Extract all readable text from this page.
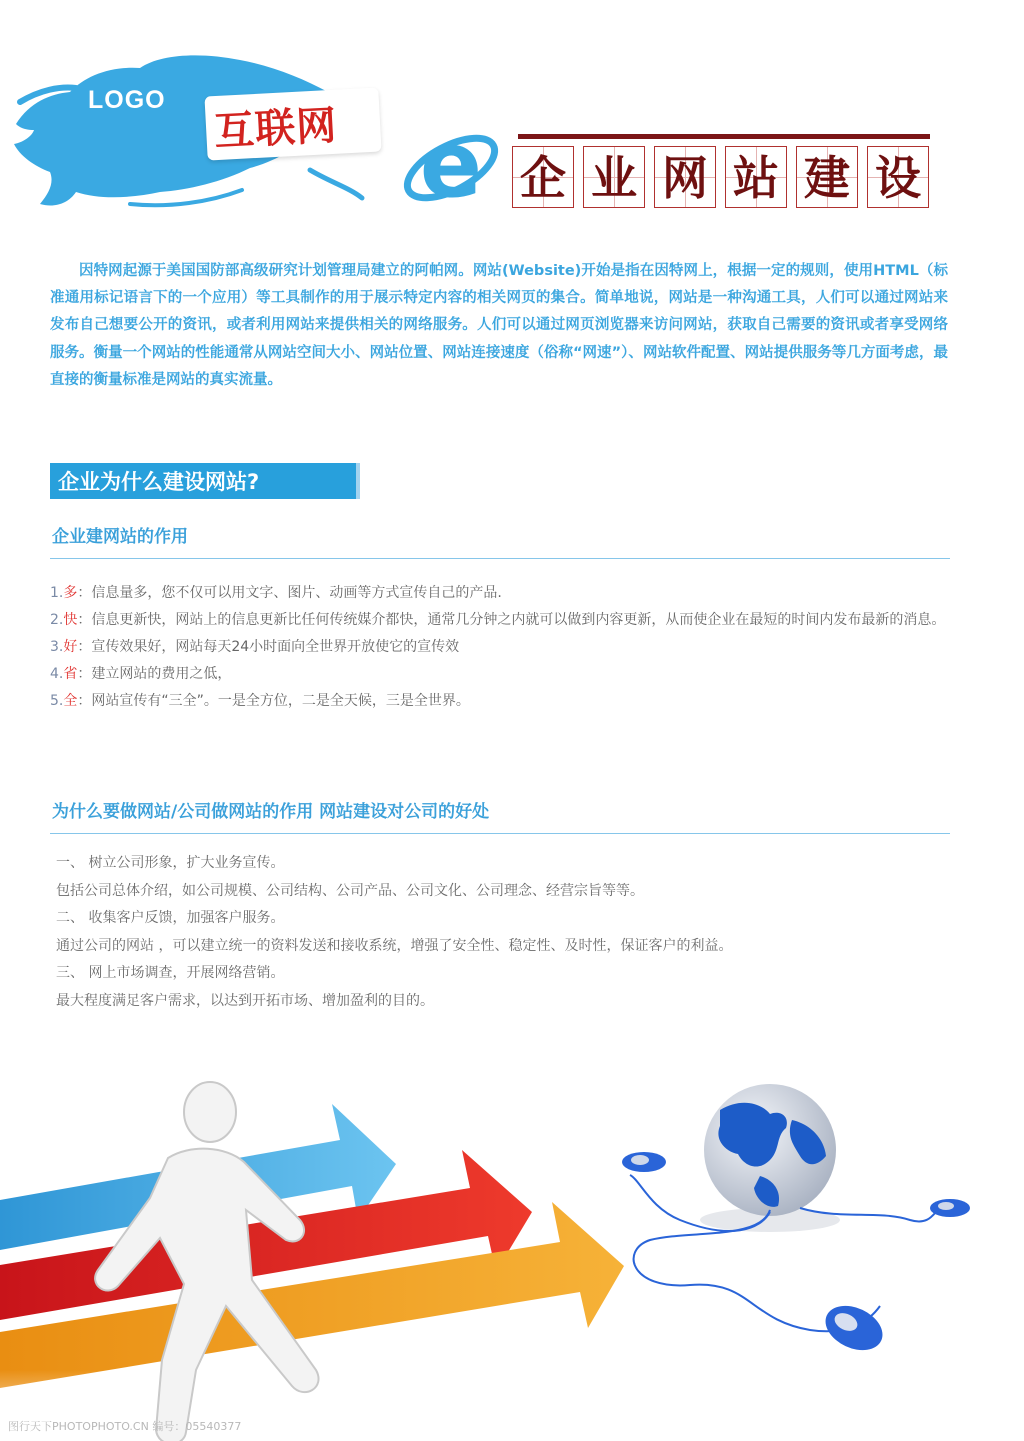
LOGO
互联网 e 企 业 网 站 建 设

因特网起源于美国国防部高级研究计划管理局建立的阿帕网。网站(Website)开始是指在因特网上，根据一定的规则，使用HTML（标准通用标记语言下的一个应用）等工具制作的用于展示特定内容的相关网页的集合。简单地说，网站是一种沟通工具，人们可以通过网站来发布自己想要公开的资讯，或者利用网站来提供相关的网络服务。人们可以通过网页浏览器来访问网站，获取自己需要的资讯或者享受网络服务。衡量一个网站的性能通常从网站空间大小、网站位置、网站连接速度（俗称“网速”）、网站软件配置、网站提供服务等几方面考虑，最直接的衡量标准是网站的真实流量。

企业为什么建设网站?
企业建网站的作用
1.多：信息量多，您不仅可以用文字、图片、动画等方式宣传自己的产品.
2.快：信息更新快，网站上的信息更新比任何传统媒介都快，通常几分钟之内就可以做到内容更新，从而使企业在最短的时间内发布最新的消息。
3.好：宣传效果好，网站每天24小时面向全世界开放使它的宣传效
4.省：建立网站的费用之低，
5.全：网站宣传有“三全”。一是全方位，二是全天候，三是全世界。
为什么要做网站/公司做网站的作用 网站建设对公司的好处
一、 树立公司形象，扩大业务宣传。
包括公司总体介绍，如公司规模、公司结构、公司产品、公司文化、公司理念、经营宗旨等等。
二、 收集客户反馈，加强客户服务。
通过公司的网站 ，可以建立统一的资料发送和接收系统，增强了安全性、稳定性、及时性，保证客户的利益。
三、 网上市场调查，开展网络营销。
最大程度满足客户需求，以达到开拓市场、增加盈利的目的。
图行天下PHOTOPHOTO.CN 编号：05540377
